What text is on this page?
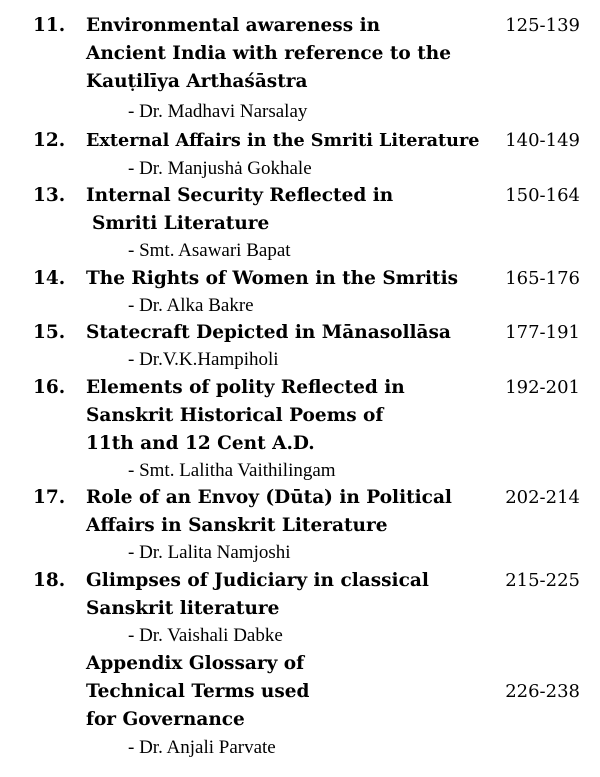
11. Environmental awareness in
Ancient India with reference to the
Kauṭilīya Arthaśāstra
125-139
- Dr. Madhavi Narsalay
12. External Affairs in the Smriti Literature	140-149
- Dr. Manjushȧ Gokhale
13. Internal Security Reflected in
Smriti Literature
150-164
- Smt. Asawari Bapat
14. The Rights of Women in the Smritis	165-176
- Dr. Alka Bakre
15. Statecraft Depicted in Mānasollāsa	177-191
- Dr.V.K.Hampiholi
16. Elements of polity Reflected in
Sanskrit Historical Poems of
11th and 12 Cent A.D.
192-201
- Smt. Lalitha Vaithilingam
17. Role of an Envoy (Dūta) in Political
Affairs in Sanskrit Literature
202-214
- Dr. Lalita Namjoshi
18. Glimpses of Judiciary in classical
Sanskrit literature
215-225
- Dr. Vaishali Dabke
Appendix Glossary of
Technical Terms used
for Governance
226-238
- Dr. Anjali Parvate
